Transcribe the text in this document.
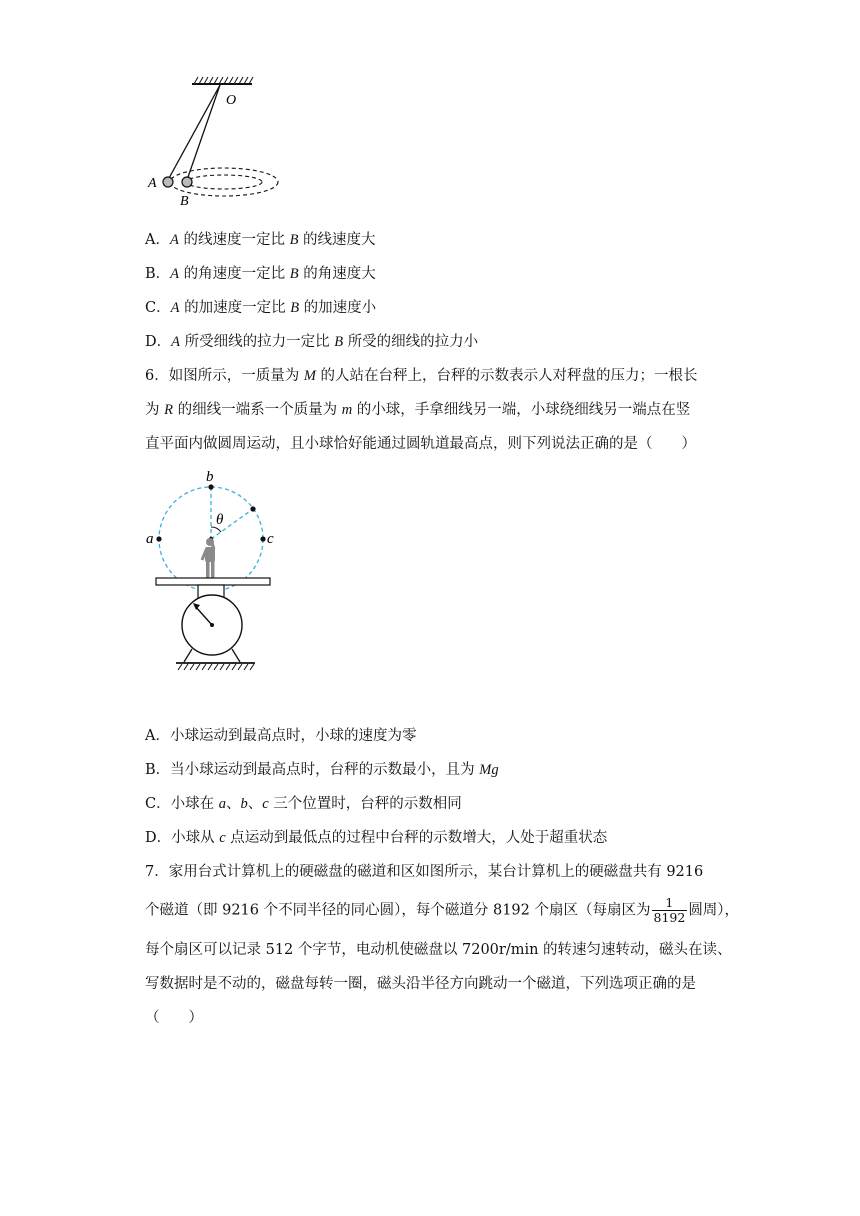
O
A
B
A．A 的线速度一定比 B 的线速度大
B．A 的角速度一定比 B 的角速度大
C．A 的加速度一定比 B 的加速度小
D．A 所受细线的拉力一定比 B 所受的细线的拉力小
6．如图所示，一质量为 M 的人站在台秤上，台秤的示数表示人对秤盘的压力；一根长
为 R 的细线一端系一个质量为 m 的小球，手拿细线另一端，小球绕细线另一端点在竖
直平面内做圆周运动，且小球恰好能通过圆轨道最高点，则下列说法正确的是（　　）
b
a	c
θ
A．小球运动到最高点时，小球的速度为零
B．当小球运动到最高点时，台秤的示数最小，且为 Mg
C．小球在 a、b、c 三个位置时，台秤的示数相同
D．小球从 c 点运动到最低点的过程中台秤的示数增大，人处于超重状态
7．家用台式计算机上的硬磁盘的磁道和区如图所示，某台计算机上的硬磁盘共有 9216
个磁道（即 9216 个不同半径的同心圆），每个磁道分 8192 个扇区（每扇区为 $\frac{1}{8192}$ 圆周），
每个扇区可以记录 512 个字节，电动机使磁盘以 7200r/min 的转速匀速转动，磁头在读、
写数据时是不动的，磁盘每转一圈，磁头沿半径方向跳动一个磁道，下列选项正确的是
（　　）
